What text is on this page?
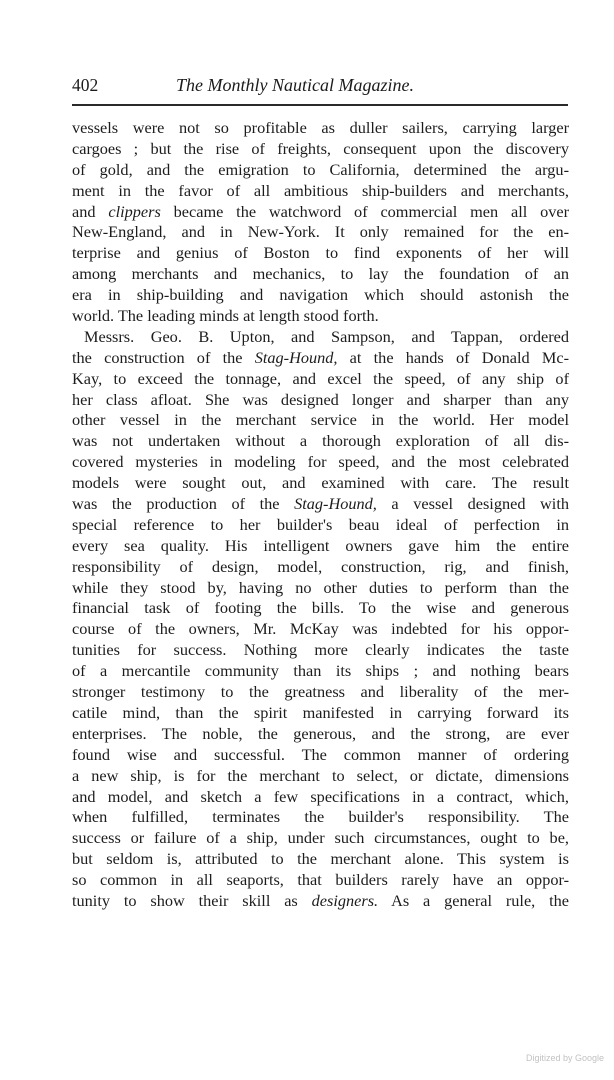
402	The Monthly Nautical Magazine.
vessels were not so profitable as duller sailers, carrying larger
cargoes ; but the rise of freights, consequent upon the discovery
of gold, and the emigration to California, determined the argu-
ment in the favor of all ambitious ship-builders and merchants,
and clippers became the watchword of commercial men all over
New-England, and in New-York. It only remained for the en-
terprise and genius of Boston to find exponents of her will
among merchants and mechanics, to lay the foundation of an
era in ship-building and navigation which should astonish the
world. The leading minds at length stood forth.
Messrs. Geo. B. Upton, and Sampson, and Tappan, ordered
the construction of the Stag-Hound, at the hands of Donald Mc-
Kay, to exceed the tonnage, and excel the speed, of any ship of
her class afloat. She was designed longer and sharper than any
other vessel in the merchant service in the world. Her model
was not undertaken without a thorough exploration of all dis-
covered mysteries in modeling for speed, and the most celebrated
models were sought out, and examined with care. The result
was the production of the Stag-Hound, a vessel designed with
special reference to her builder's beau ideal of perfection in
every sea quality. His intelligent owners gave him the entire
responsibility of design, model, construction, rig, and finish,
while they stood by, having no other duties to perform than the
financial task of footing the bills. To the wise and generous
course of the owners, Mr. McKay was indebted for his oppor-
tunities for success. Nothing more clearly indicates the taste
of a mercantile community than its ships ; and nothing bears
stronger testimony to the greatness and liberality of the mer-
catile mind, than the spirit manifested in carrying forward its
enterprises. The noble, the generous, and the strong, are ever
found wise and successful. The common manner of ordering
a new ship, is for the merchant to select, or dictate, dimensions
and model, and sketch a few specifications in a contract, which,
when fulfilled, terminates the builder's responsibility. The
success or failure of a ship, under such circumstances, ought to be,
but seldom is, attributed to the merchant alone. This system is
so common in all seaports, that builders rarely have an oppor-
tunity to show their skill as designers. As a general rule, the
Digitized by Google
